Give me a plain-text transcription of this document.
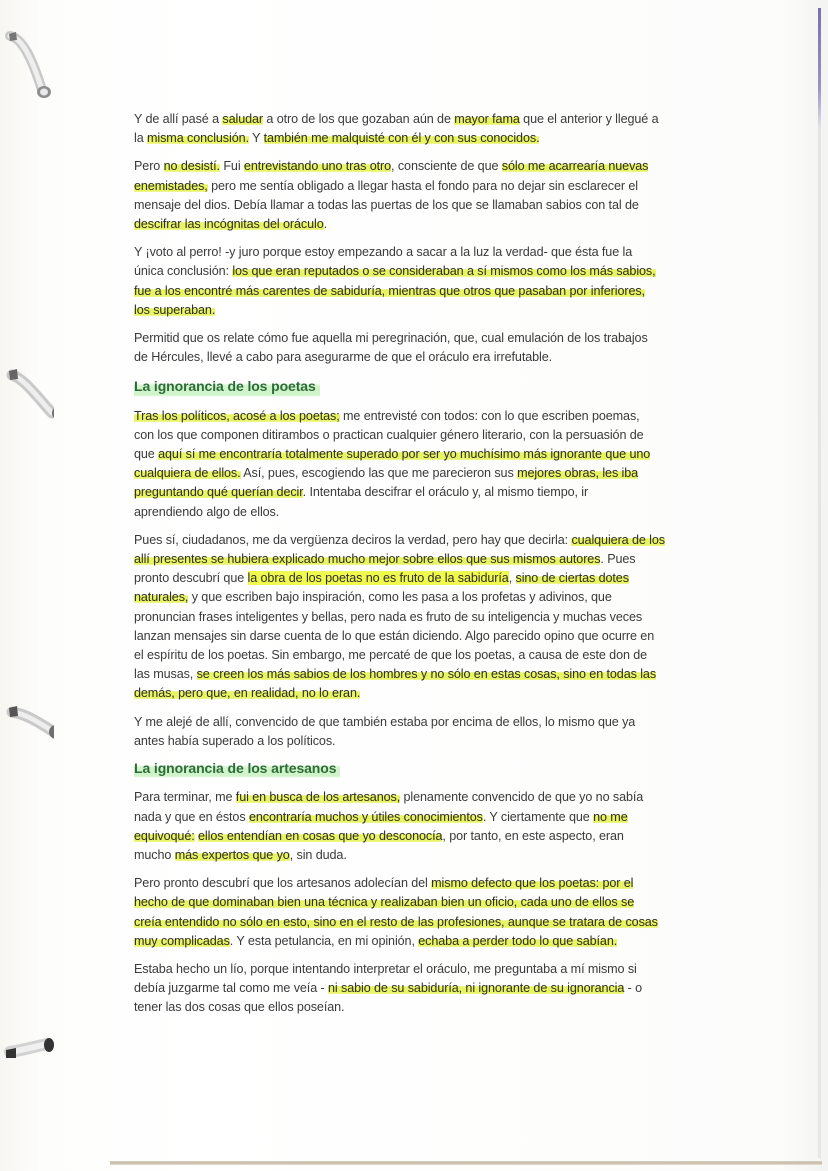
Y de allí pasé a saludar a otro de los que gozaban aún de mayor fama que el anterior y llegué a
la misma conclusión. Y también me malquisté con él y con sus conocidos.

Pero no desistí. Fui entrevistando uno tras otro, consciente de que sólo me acarrearía nuevas
enemistades, pero me sentía obligado a llegar hasta el fondo para no dejar sin esclarecer el
mensaje del dios. Debía llamar a todas las puertas de los que se llamaban sabios con tal de
descifrar las incógnitas del oráculo.

Y ¡voto al perro! -y juro porque estoy empezando a sacar a la luz la verdad- que ésta fue la
única conclusión: los que eran reputados o se consideraban a sí mismos como los más sabios,
fue a los encontré más carentes de sabiduría, mientras que otros que pasaban por inferiores,
los superaban.

Permitid que os relate cómo fue aquella mi peregrinación, que, cual emulación de los trabajos
de Hércules, llevé a cabo para asegurarme de que el oráculo era irrefutable.

La ignorancia de los poetas

Tras los políticos, acosé a los poetas; me entrevisté con todos: con lo que escriben poemas,
con los que componen ditirambos o practican cualquier género literario, con la persuasión de
que aquí sí me encontraría totalmente superado por ser yo muchísimo más ignorante que uno
cualquiera de ellos. Así, pues, escogiendo las que me parecieron sus mejores obras, les iba
preguntando qué querían decir. Intentaba descifrar el oráculo y, al mismo tiempo, ir
aprendiendo algo de ellos.

Pues sí, ciudadanos, me da vergüenza deciros la verdad, pero hay que decirla: cualquiera de los
allí presentes se hubiera explicado mucho mejor sobre ellos que sus mismos autores. Pues
pronto descubrí que la obra de los poetas no es fruto de la sabiduría, sino de ciertas dotes
naturales, y que escriben bajo inspiración, como les pasa a los profetas y adivinos, que
pronuncian frases inteligentes y bellas, pero nada es fruto de su inteligencia y muchas veces
lanzan mensajes sin darse cuenta de lo que están diciendo. Algo parecido opino que ocurre en
el espíritu de los poetas. Sin embargo, me percaté de que los poetas, a causa de este don de
las musas, se creen los más sabios de los hombres y no sólo en estas cosas, sino en todas las
demás, pero que, en realidad, no lo eran.

Y me alejé de allí, convencido de que también estaba por encima de ellos, lo mismo que ya
antes había superado a los políticos.

La ignorancia de los artesanos

Para terminar, me fui en busca de los artesanos, plenamente convencido de que yo no sabía
nada y que en éstos encontraría muchos y útiles conocimientos. Y ciertamente que no me
equivoqué: ellos entendían en cosas que yo desconocía, por tanto, en este aspecto, eran
mucho más expertos que yo, sin duda.

Pero pronto descubrí que los artesanos adolecían del mismo defecto que los poetas: por el
hecho de que dominaban bien una técnica y realizaban bien un oficio, cada uno de ellos se
creía entendido no sólo en esto, sino en el resto de las profesiones, aunque se tratara de cosas
muy complicadas. Y esta petulancia, en mi opinión, echaba a perder todo lo que sabían.

Estaba hecho un lío, porque intentando interpretar el oráculo, me preguntaba a mí mismo si
debía juzgarme tal como me veía - ni sabio de su sabiduría, ni ignorante de su ignorancia - o
tener las dos cosas que ellos poseían.
